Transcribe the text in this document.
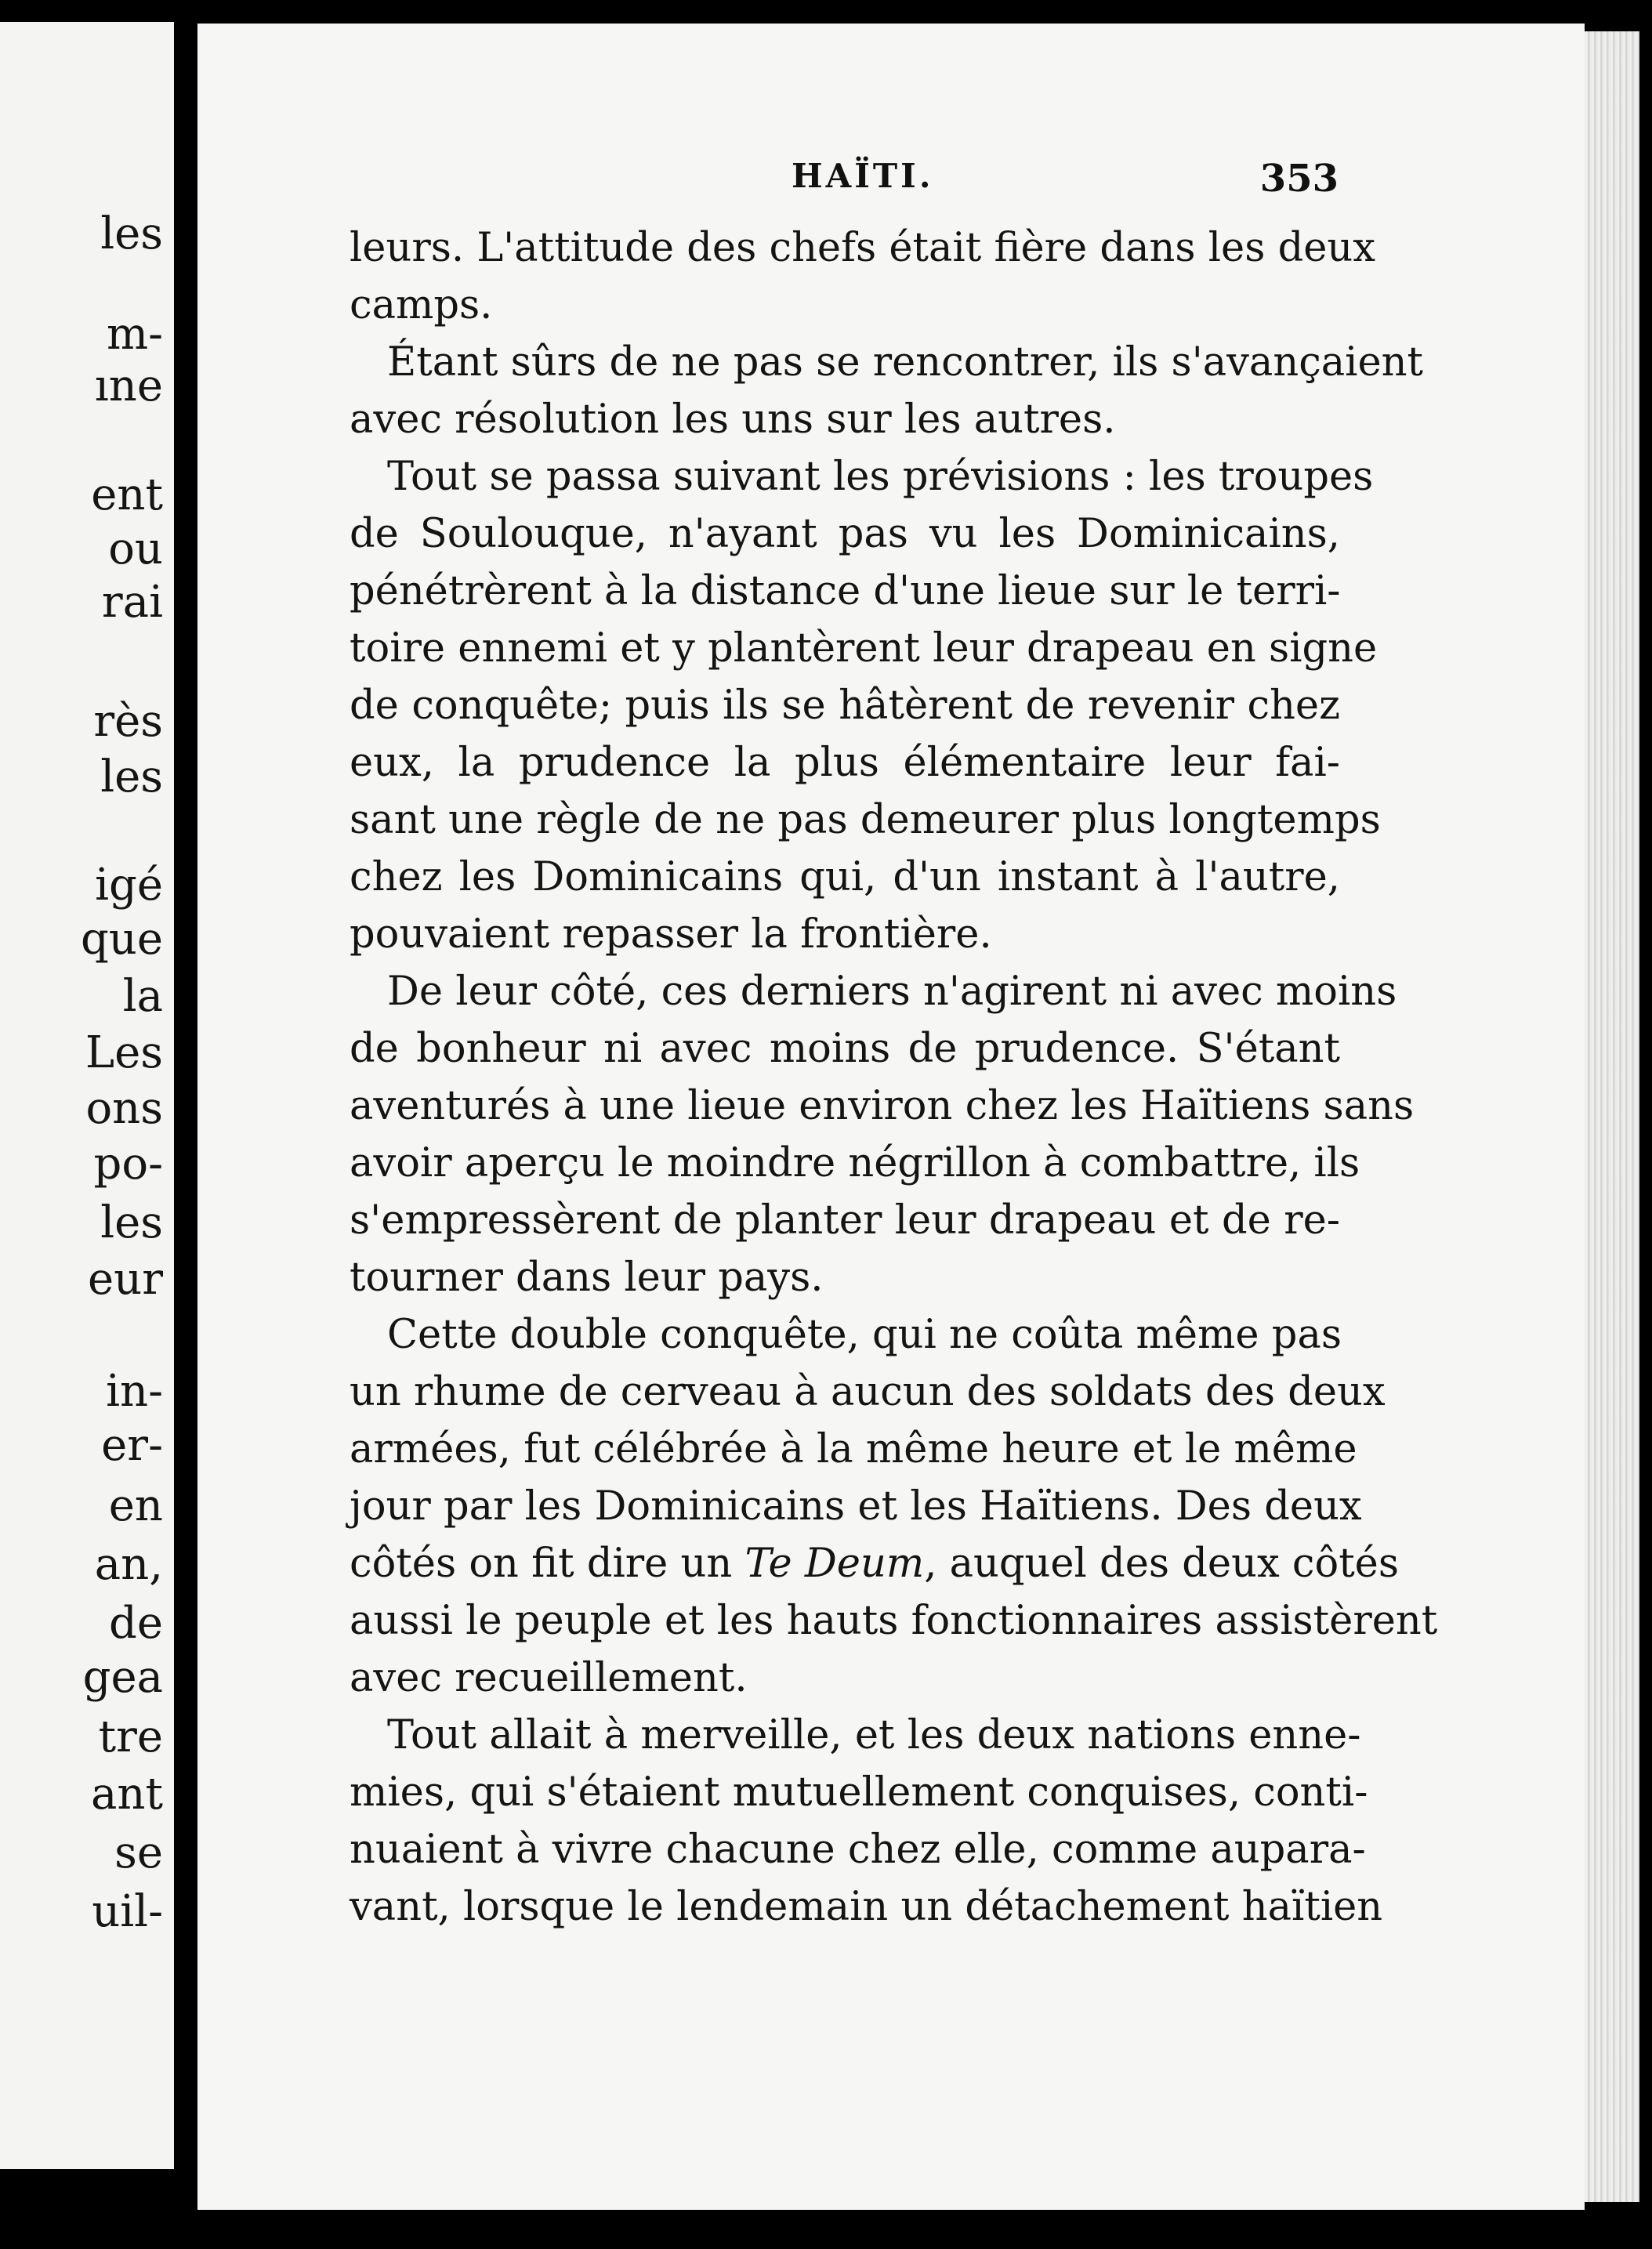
les
m-
ıne
ent
ou
rai
rès
les
igé
que
la
Les
ons
po-
les
eur
in-
er-
en
an,
de
gea
tre
ant
se
uil-
HAÏTI.	353
leurs. L'attitude des chefs était fière dans les deux
camps.
Étant sûrs de ne pas se rencontrer, ils s'avançaient
avec résolution les uns sur les autres.
Tout se passa suivant les prévisions : les troupes
de Soulouque, n'ayant pas vu les Dominicains,
pénétrèrent à la distance d'une lieue sur le terri-
toire ennemi et y plantèrent leur drapeau en signe
de conquête; puis ils se hâtèrent de revenir chez
eux, la prudence la plus élémentaire leur fai-
sant une règle de ne pas demeurer plus longtemps
chez les Dominicains qui, d'un instant à l'autre,
pouvaient repasser la frontière.
De leur côté, ces derniers n'agirent ni avec moins
de bonheur ni avec moins de prudence. S'étant
aventurés à une lieue environ chez les Haïtiens sans
avoir aperçu le moindre négrillon à combattre, ils
s'empressèrent de planter leur drapeau et de re-
tourner dans leur pays.
Cette double conquête, qui ne coûta même pas
un rhume de cerveau à aucun des soldats des deux
armées, fut célébrée à la même heure et le même
jour par les Dominicains et les Haïtiens. Des deux
côtés on fit dire un Te Deum, auquel des deux côtés
aussi le peuple et les hauts fonctionnaires assistèrent
avec recueillement.
Tout allait à merveille, et les deux nations enne-
mies, qui s'étaient mutuellement conquises, conti-
nuaient à vivre chacune chez elle, comme aupara-
vant, lorsque le lendemain un détachement haïtien
